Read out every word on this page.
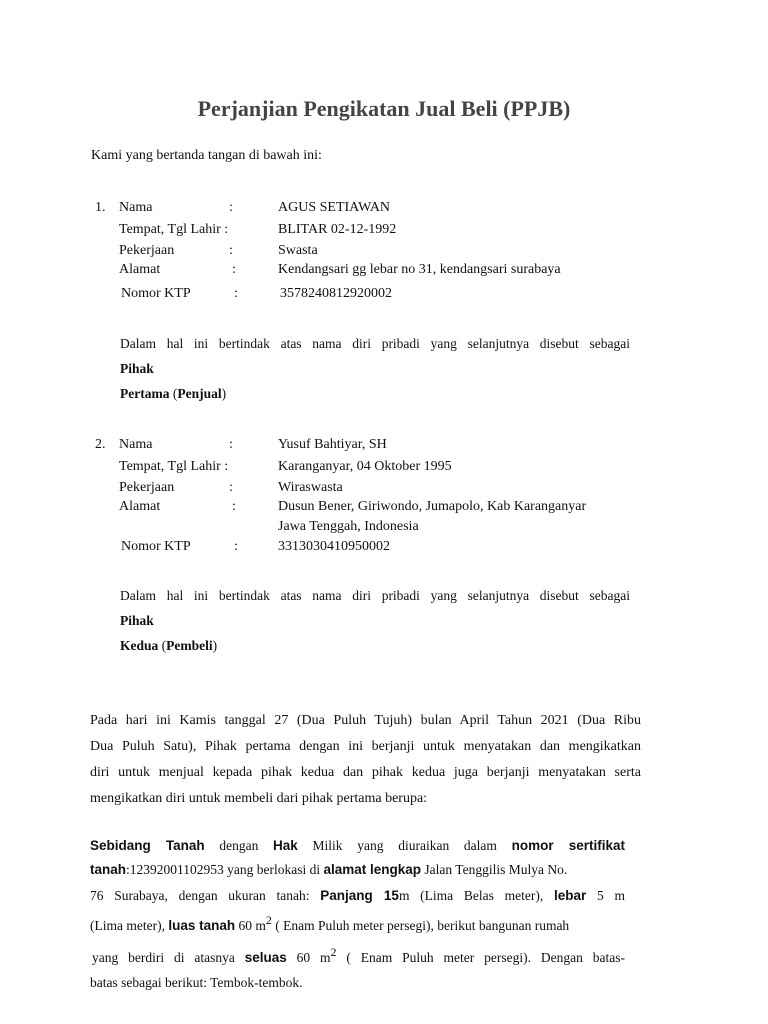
Perjanjian Pengikatan Jual Beli (PPJB)
Kami yang bertanda tangan di bawah ini:
1. Nama	:	AGUS SETIAWAN
Tempat, Tgl Lahir :	BLITAR 02-12-1992
Pekerjaan	:	Swasta
Alamat	:	Kendangsari gg lebar no 31, kendangsari surabaya
Nomor KTP	:	3578240812920002
Dalam hal ini bertindak atas nama diri pribadi yang selanjutnya disebut sebagai
Pihak
Pertama (Penjual)
2. Nama	:	Yusuf Bahtiyar, SH
Tempat, Tgl Lahir :	Karanganyar, 04 Oktober 1995
Pekerjaan	:	Wiraswasta
Alamat	:	Dusun Bener, Giriwondo, Jumapolo, Kab Karanganyar
Jawa Tenggah, Indonesia
Nomor KTP	:	3313030410950002
Dalam hal ini bertindak atas nama diri pribadi yang selanjutnya disebut sebagai
Pihak
Kedua (Pembeli)
Pada hari ini Kamis tanggal 27 (Dua Puluh Tujuh) bulan April Tahun 2021 (Dua Ribu
Dua Puluh Satu), Pihak pertama dengan ini berjanji untuk menyatakan dan mengikatkan
diri untuk menjual kepada pihak kedua dan pihak kedua juga berjanji menyatakan serta
mengikatkan diri untuk membeli dari pihak pertama berupa:
Sebidang Tanah dengan Hak Milik yang diuraikan dalam nomor sertifikat
tanah:12392001102953 yang berlokasi di alamat lengkap Jalan Tenggilis Mulya No.
76 Surabaya, dengan ukuran tanah: Panjang 15m (Lima Belas meter), lebar 5 m
(Lima meter), luas tanah 60 $m^2$ ( Enam Puluh meter persegi), berikut bangunan rumah
yang berdiri di atasnya seluas 60 $m^2$ ( Enam Puluh meter persegi). Dengan batas-
batas sebagai berikut: Tembok-tembok.
